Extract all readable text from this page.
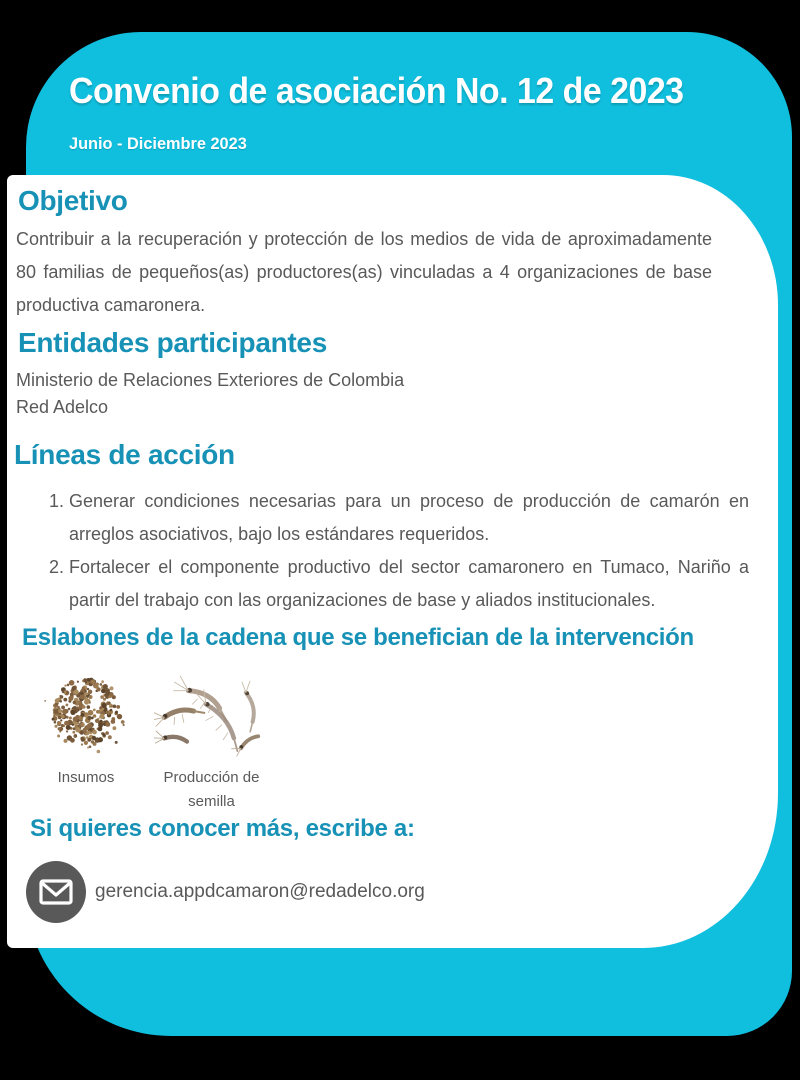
Convenio de asociación No. 12 de 2023
Junio - Diciembre 2023
Objetivo
Contribuir a la recuperación y protección de los medios de vida de aproximadamente 80 familias de pequeños(as) productores(as) vinculadas a 4 organizaciones de base productiva camaronera.
Entidades participantes
Ministerio de Relaciones Exteriores de Colombia
Red Adelco
Líneas de acción
1. Generar condiciones necesarias para un proceso de producción de camarón en arreglos asociativos, bajo los estándares requeridos.
2. Fortalecer el componente productivo del sector camaronero en Tumaco, Nariño a partir del trabajo con las organizaciones de base y aliados institucionales.
Eslabones de la cadena que se benefician de la intervención
Insumos	Producción de semilla
Si quieres conocer más, escribe a:
gerencia.appdcamaron@redadelco.org
